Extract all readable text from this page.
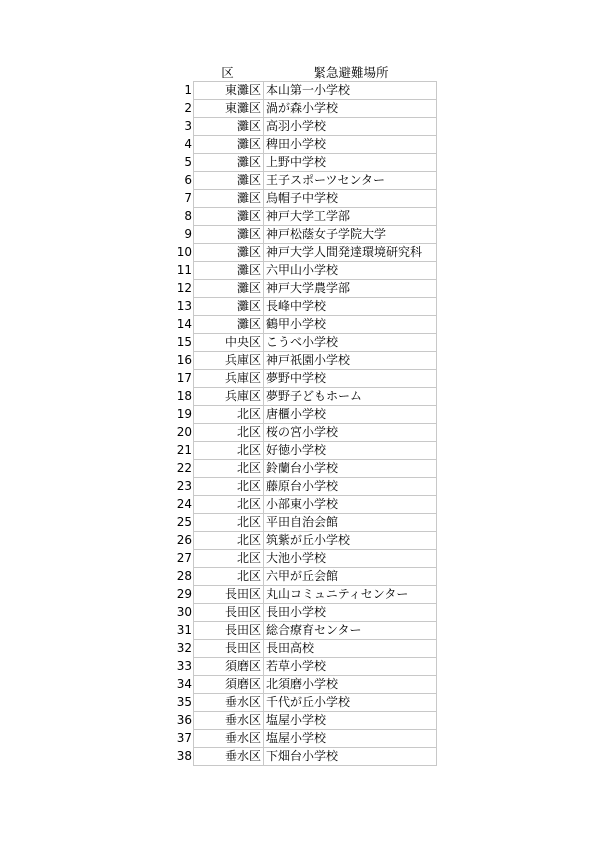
	区	緊急避難場所
1	東灘区	本山第一小学校
2	東灘区	渦が森小学校
3	灘区	高羽小学校
4	灘区	稗田小学校
5	灘区	上野中学校
6	灘区	王子スポーツセンター
7	灘区	烏帽子中学校
8	灘区	神戸大学工学部
9	灘区	神戸松蔭女子学院大学
10	灘区	神戸大学人間発達環境研究科
11	灘区	六甲山小学校
12	灘区	神戸大学農学部
13	灘区	長峰中学校
14	灘区	鶴甲小学校
15	中央区	こうべ小学校
16	兵庫区	神戸祇園小学校
17	兵庫区	夢野中学校
18	兵庫区	夢野子どもホーム
19	北区	唐櫃小学校
20	北区	桜の宮小学校
21	北区	好徳小学校
22	北区	鈴蘭台小学校
23	北区	藤原台小学校
24	北区	小部東小学校
25	北区	平田自治会館
26	北区	筑紫が丘小学校
27	北区	大池小学校
28	北区	六甲が丘会館
29	長田区	丸山コミュニティセンター
30	長田区	長田小学校
31	長田区	総合療育センター
32	長田区	長田高校
33	須磨区	若草小学校
34	須磨区	北須磨小学校
35	垂水区	千代が丘小学校
36	垂水区	塩屋小学校
37	垂水区	塩屋小学校
38	垂水区	下畑台小学校
